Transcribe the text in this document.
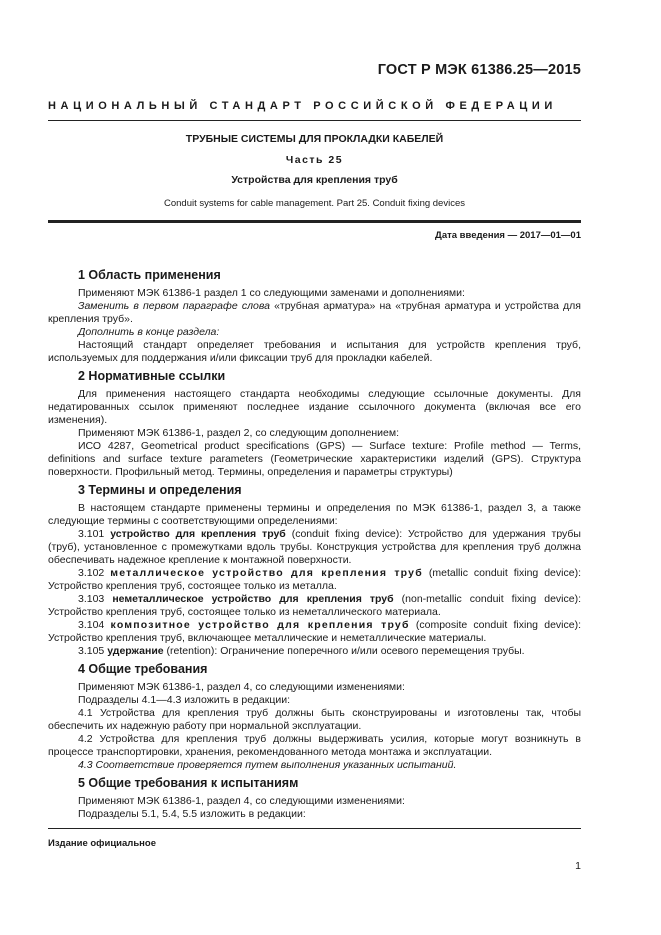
ГОСТ Р МЭК 61386.25—2015
НАЦИОНАЛЬНЫЙ СТАНДАРТ РОССИЙСКОЙ ФЕДЕРАЦИИ
ТРУБНЫЕ СИСТЕМЫ ДЛЯ ПРОКЛАДКИ КАБЕЛЕЙ
Часть 25
Устройства для крепления труб
Conduit systems for cable management. Part 25. Conduit fixing devices
Дата введения — 2017—01—01
1 Область применения

Применяют МЭК 61386-1 раздел 1 со следующими заменами и дополнениями:

Заменить в первом параграфе слова «трубная арматура» на «трубная арматура и устройства для крепления труб».

Дополнить в конце раздела:

Настоящий стандарт определяет требования и испытания для устройств крепления труб, используемых для поддержания и/или фиксации труб для прокладки кабелей.

2 Нормативные ссылки

Для применения настоящего стандарта необходимы следующие ссылочные документы. Для недатированных ссылок применяют последнее издание ссылочного документа (включая все его изменения).

Применяют МЭК 61386-1, раздел 2, со следующим дополнением:

ИСО 4287, Geometrical product specifications (GPS) — Surface texture: Profile method — Terms, definitions and surface texture parameters (Геометрические характеристики изделий (GPS). Структура поверхности. Профильный метод. Термины, определения и параметры структуры)

3 Термины и определения

В настоящем стандарте применены термины и определения по МЭК 61386-1, раздел 3, а также следующие термины с соответствующими определениями:

3.101 устройство для крепления труб (conduit fixing device): Устройство для удержания трубы (труб), установленное с промежутками вдоль трубы. Конструкция устройства для крепления труб должна обеспечивать надежное крепление к монтажной поверхности.

3.102 металлическое устройство для крепления труб (metallic conduit fixing device): Устройство крепления труб, состоящее только из металла.

3.103 неметаллическое устройство для крепления труб (non-metallic conduit fixing device): Устройство крепления труб, состоящее только из неметаллического материала.

3.104 композитное устройство для крепления труб (composite conduit fixing device): Устройство крепления труб, включающее металлические и неметаллические материалы.

3.105 удержание (retention): Ограничение поперечного и/или осевого перемещения трубы.

4 Общие требования

Применяют МЭК 61386-1, раздел 4, со следующими изменениями:

Подразделы 4.1—4.3 изложить в редакции:

4.1 Устройства для крепления труб должны быть сконструированы и изготовлены так, чтобы обеспечить их надежную работу при нормальной эксплуатации.

4.2 Устройства для крепления труб должны выдерживать усилия, которые могут возникнуть в процессе транспортировки, хранения, рекомендованного метода монтажа и эксплуатации.

4.3 Соответствие проверяется путем выполнения указанных испытаний.

5 Общие требования к испытаниям

Применяют МЭК 61386-1, раздел 4, со следующими изменениями:

Подразделы 5.1, 5.4, 5.5 изложить в редакции:

Издание официальное
1
